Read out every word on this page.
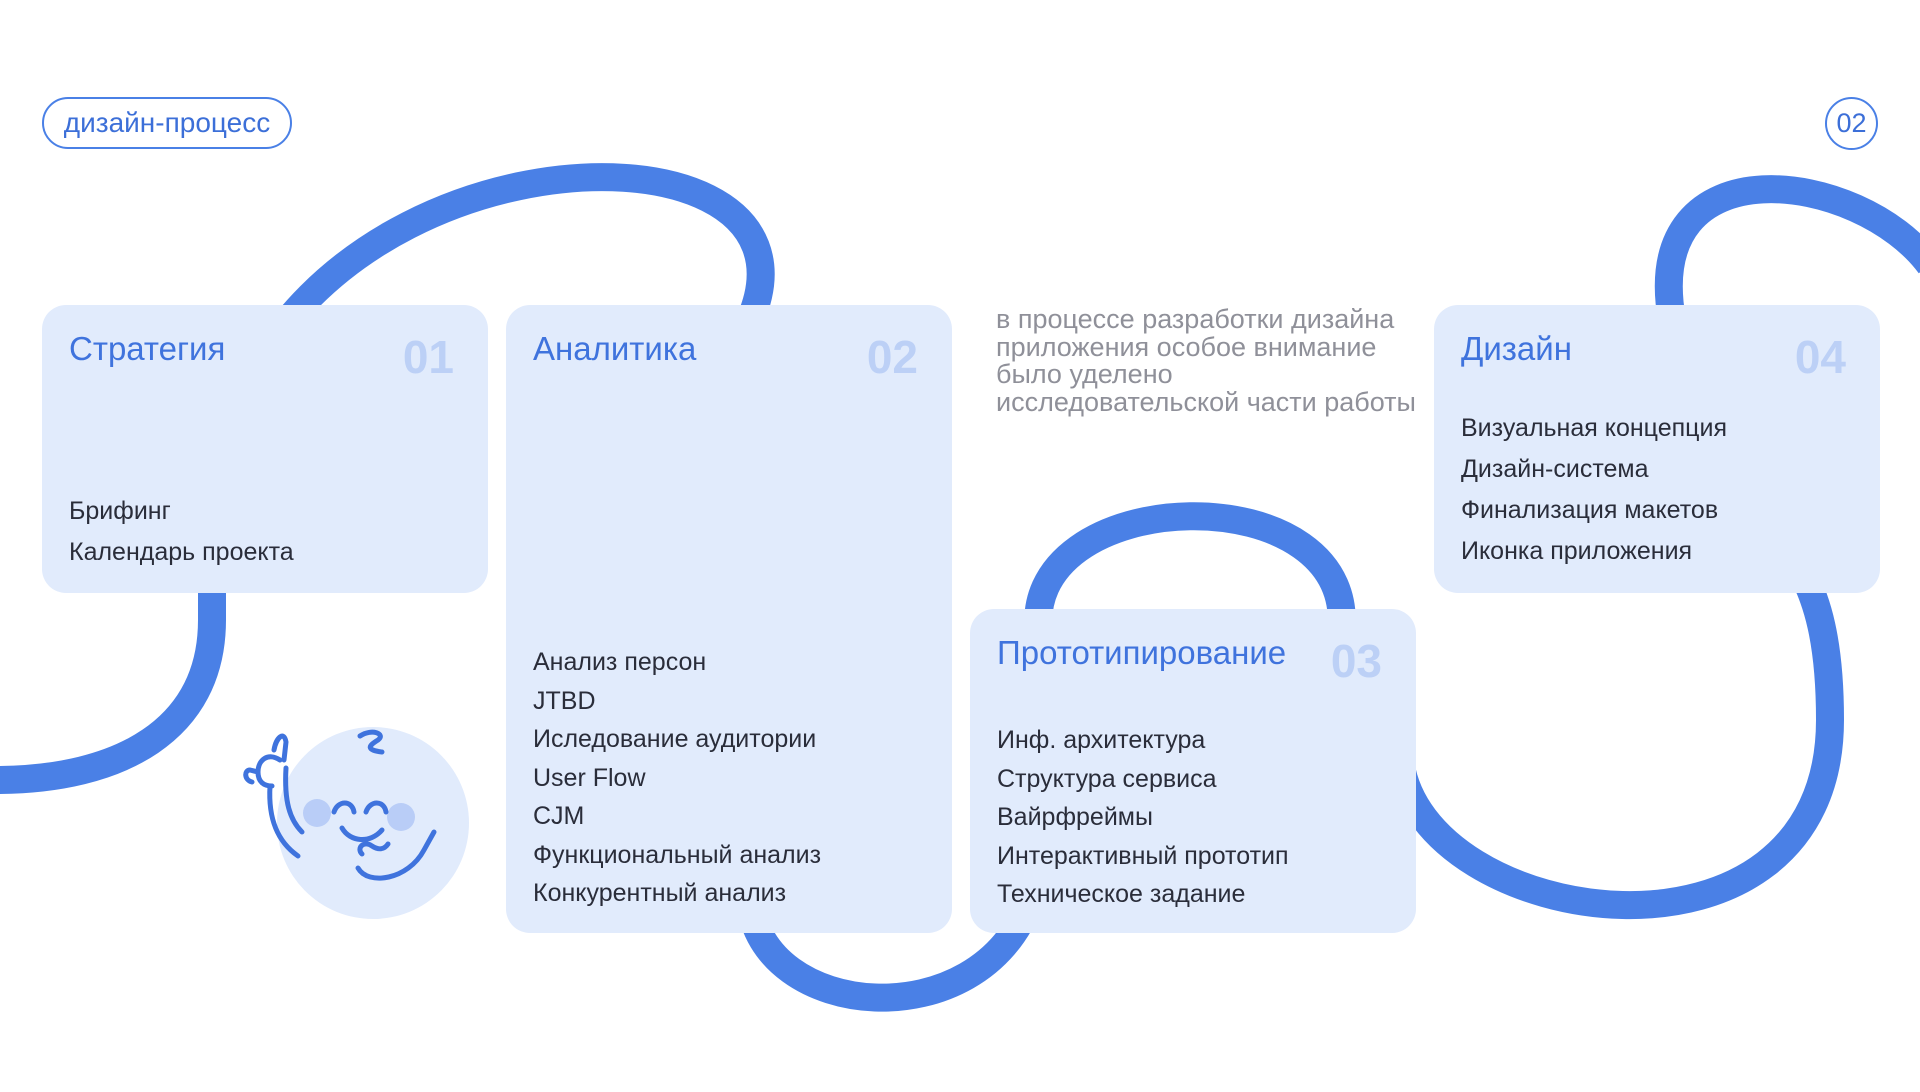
дизайн-процесс	02
Стратегия	01
Брифинг
Календарь проекта
Аналитика	02
Анализ персон
JTBD
Иследование аудитории
User Flow
CJM
Функциональный анализ
Конкурентный анализ
Прототипирование 03
Инф. архитектура
Структура сервиса
Вайрфреймы
Интерактивный прототип
Техническое задание
Дизайн	04
Визуальная концепция
Дизайн-система
Финализация макетов
Иконка приложения
в процессе разработки дизайна приложения особое внимание было уделено исследовательской части работы
